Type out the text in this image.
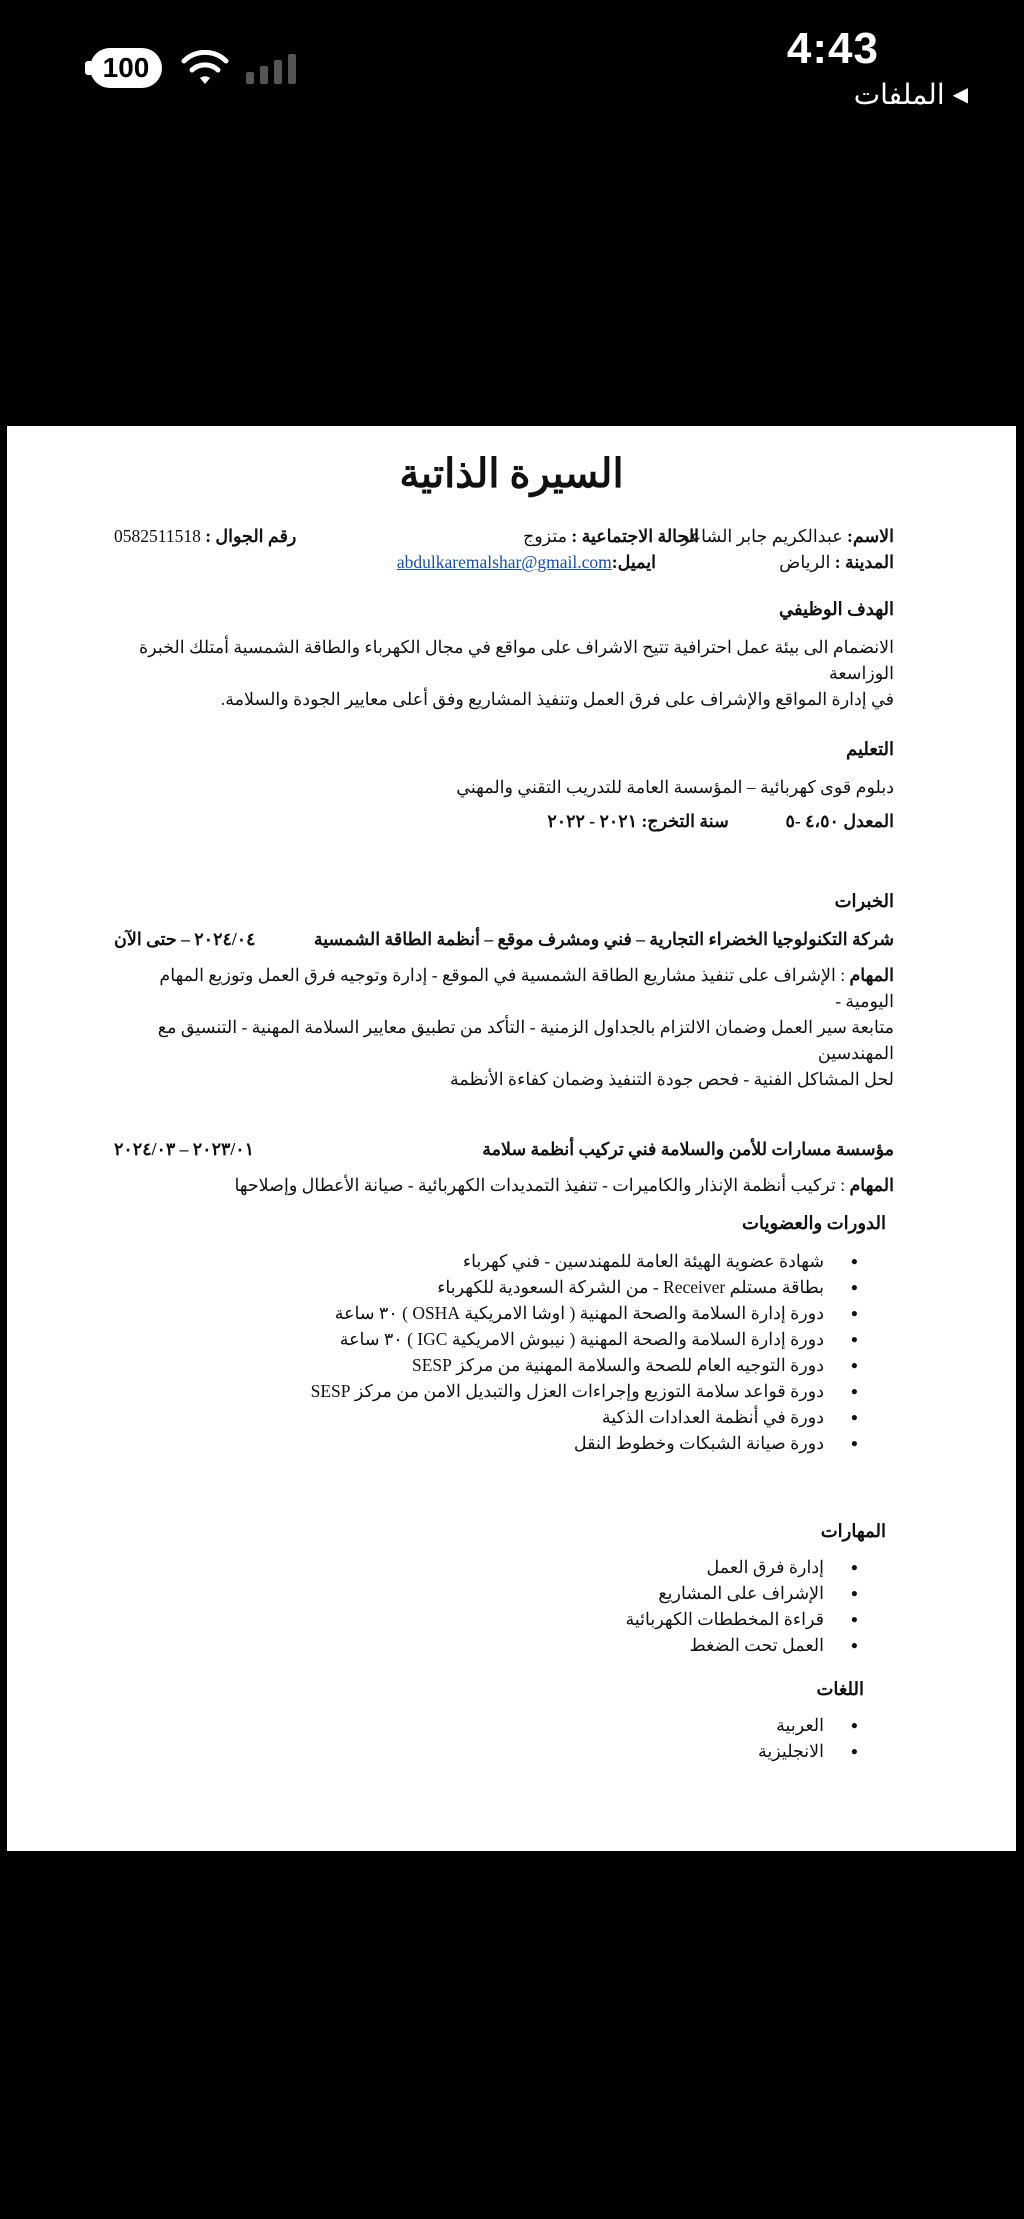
100	4:43
◀
الملفات
السيرة الذاتية
الاسم: عبدالكريم جابر الشاعر
الحالة الاجتماعية : متزوج
رقم الجوال : 0582511518
المدينة : الرياض
ايميل:abdulkaremalshar@gmail.com
الهدف الوظيفي
الانضمام الى بيئة عمل احترافية تتيح الاشراف على مواقع في مجال الكهرباء والطاقة الشمسية أمتلك الخبرة الوزاسعة
في إدارة المواقع والإشراف على فرق العمل وتنفيذ المشاريع وفق أعلى معايير الجودة والسلامة.
التعليم
دبلوم قوى كهربائية – المؤسسة العامة للتدريب التقني والمهني
المعدل ٤،٥٠ -٥  سنة التخرج: ٢٠٢١ - ٢٠٢٢
الخبرات
شركة التكنولوجيا الخضراء التجارية – فني ومشرف موقع – أنظمة الطاقة الشمسية
٢٠٢٤/٠٤ – حتى الآن
المهام : الإشراف على تنفيذ مشاريع الطاقة الشمسية في الموقع - إدارة وتوجيه فرق العمل وتوزيع المهام اليومية -
متابعة سير العمل وضمان الالتزام بالجداول الزمنية - التأكد من تطبيق معايير السلامة المهنية - التنسيق مع المهندسين
لحل المشاكل الفنية - فحص جودة التنفيذ وضمان كفاءة الأنظمة
مؤسسة مسارات للأمن والسلامة فني تركيب أنظمة سلامة
٢٠٢٣/٠١ – ٢٠٢٤/٠٣
المهام : تركيب أنظمة الإنذار والكاميرات - تنفيذ التمديدات الكهربائية - صيانة الأعطال وإصلاحها
الدورات والعضويات
● شهادة عضوية الهيئة العامة للمهندسين - فني كهرباء
● بطاقة مستلم Receiver - من الشركة السعودية للكهرباء
● دورة إدارة السلامة والصحة المهنية ( اوشا الامريكية OSHA ) ٣٠ ساعة
● دورة إدارة السلامة والصحة المهنية ( نيبوش الامريكية IGC ) ٣٠ ساعة
● دورة التوجيه العام للصحة والسلامة المهنية من مركز SESP
● دورة قواعد سلامة التوزيع وإجراءات العزل والتبديل الامن من مركز SESP
● دورة في أنظمة العدادات الذكية
● دورة صيانة الشبكات وخطوط النقل
المهارات
● إدارة فرق العمل
● الإشراف على المشاريع
● قراءة المخططات الكهربائية
● العمل تحت الضغط
اللغات
● العربية
● الانجليزية
